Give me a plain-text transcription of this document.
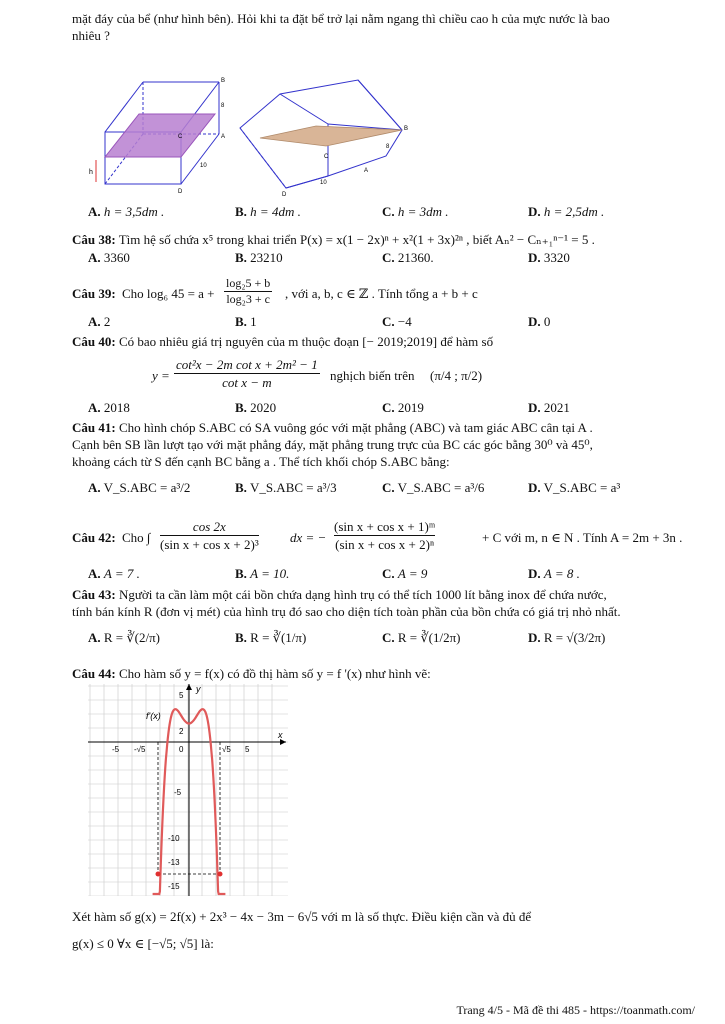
mặt đáy của bể (như hình bên). Hỏi khi ta đặt bể trở lại nằm ngang thì chiều cao h của mực nước là bao
nhiêu ?
h
B
C
D
8
10
A
B
C
D
A
8
10
A. h = 3,5dm .	B. h = 4dm .	C. h = 3dm .	D. h = 2,5dm .
Câu 38: Tìm hệ số chứa x⁵ trong khai triển P(x) = x(1 − 2x)ⁿ + x²(1 + 3x)²ⁿ , biết Aₙ² − Cₙ₊₁ⁿ⁻¹ = 5 .
A. 3360	B. 23210	C. 21360.	D. 3320
Câu 39: Cho log₆ 45 = a +
log₂5 + b
log₂3 + c , với a, b, c ∈ ℤ . Tính tổng a + b + c
A. 2	B. 1	C. −4	D. 0
Câu 40: Có bao nhiêu giá trị nguyên của m thuộc đoạn [− 2019;2019] để hàm số
y =
cot²x − 2m cot x + 2m² − 1
cot x − m	nghịch biến trên (π/4 ; π/2)
A. 2018	B. 2020	C. 2019	D. 2021
Câu 41: Cho hình chóp S.ABC có SA vuông góc với mặt phẳng (ABC) và tam giác ABC cân tại A .
Cạnh bên SB lần lượt tạo với mặt phẳng đáy, mặt phẳng trung trực của BC các góc bằng 30⁰ và 45⁰,
khoảng cách từ S đến cạnh BC bằng a . Thể tích khối chóp S.ABC bằng:
A. V_S.ABC = a³/2	B. V_S.ABC = a³/3	C. V_S.ABC = a³/6	D. V_S.ABC = a³
Câu 42: Cho ∫
cos 2x
(sin x + cos x + 2)³ dx = −
(sin x + cos x + 1)ᵐ
(sin x + cos x + 2)ⁿ	+ C với m, n ∈ N . Tính A = 2m + 3n .
A. A = 7 .	B. A = 10.	C. A = 9	D. A = 8 .
Câu 43: Người ta cần làm một cái bồn chứa dạng hình trụ có thể tích 1000 lít bằng inox để chứa nước,
tính bán kính R (đơn vị mét) của hình trụ đó sao cho diện tích toàn phần của bồn chứa có giá trị nhỏ nhất.
A. R = ∛(2/π)	B. R = ∛(1/π)	C. R = ∛(1/2π)	D. R = √(3/2π)
Câu 44: Cho hàm số y = f(x) có đồ thị hàm số y = f '(x) như hình vẽ:
f'(x)
y
x
5
2
0
-5	5
-√5	√5
-5
-10
-13
-15
Xét hàm số g(x) = 2f(x) + 2x³ − 4x − 3m − 6√5 với m là số thực. Điều kiện cần và đủ để
g(x) ≤ 0 ∀x ∈ [−√5; √5] là:
Trang 4/5 - Mã đề thi 485 - https://toanmath.com/
